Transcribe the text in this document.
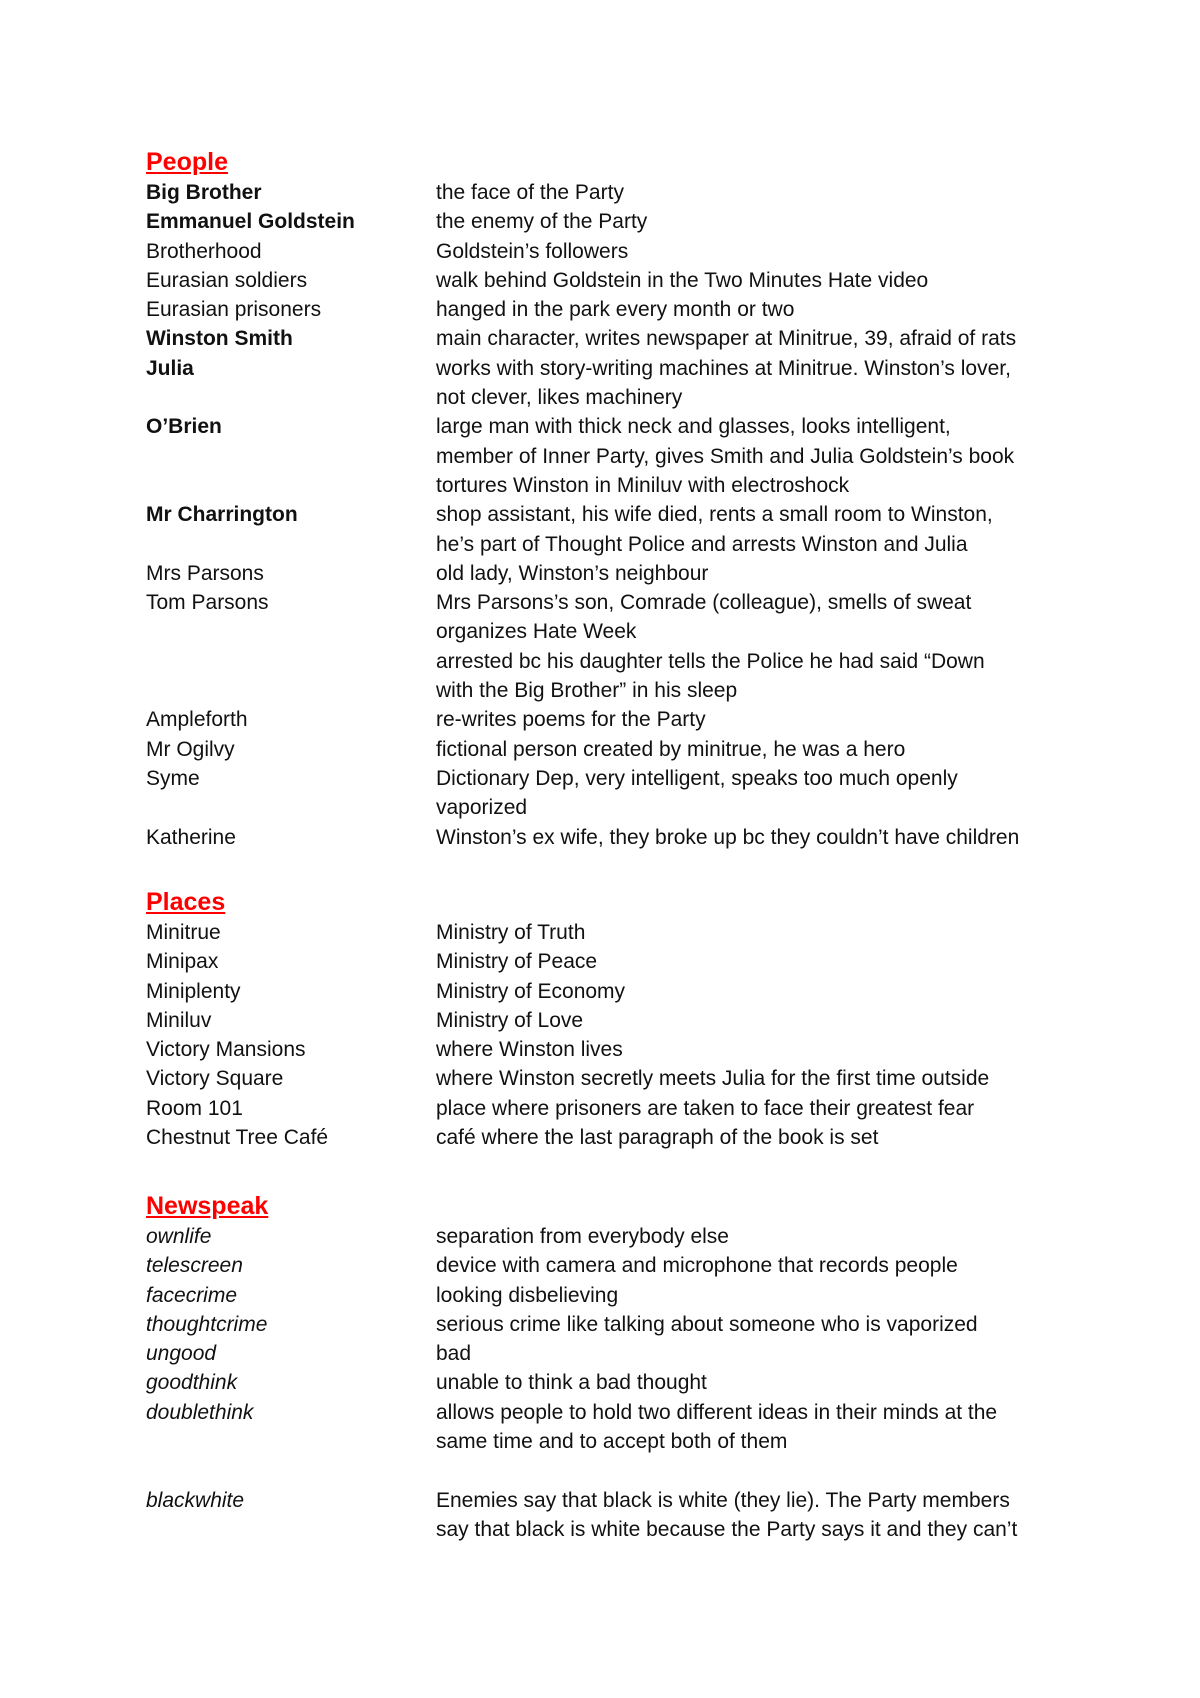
People
Big Brother	the face of the Party
Emmanuel Goldstein	the enemy of the Party
Brotherhood	Goldstein’s followers
Eurasian soldiers	walk behind Goldstein in the Two Minutes Hate video
Eurasian prisoners	hanged in the park every month or two
Winston Smith	main character, writes newspaper at Minitrue, 39, afraid of rats
Julia	works with story-writing machines at Minitrue. Winston’s lover,
not clever, likes machinery
O’Brien	large man with thick neck and glasses, looks intelligent,
member of Inner Party, gives Smith and Julia Goldstein’s book
tortures Winston in Miniluv with electroshock
Mr Charrington	shop assistant, his wife died, rents a small room to Winston,
he’s part of Thought Police and arrests Winston and Julia
Mrs Parsons	old lady, Winston’s neighbour
Tom Parsons	Mrs Parsons’s son, Comrade (colleague), smells of sweat
organizes Hate Week
arrested bc his daughter tells the Police he had said “Down
with the Big Brother” in his sleep
Ampleforth	re-writes poems for the Party
Mr Ogilvy	fictional person created by minitrue, he was a hero
Syme	Dictionary Dep, very intelligent, speaks too much openly
vaporized
Katherine	Winston’s ex wife, they broke up bc they couldn’t have children
Places
Minitrue	Ministry of Truth
Minipax	Ministry of Peace
Miniplenty	Ministry of Economy
Miniluv	Ministry of Love
Victory Mansions	where Winston lives
Victory Square	where Winston secretly meets Julia for the first time outside
Room 101	place where prisoners are taken to face their greatest fear
Chestnut Tree Café	café where the last paragraph of the book is set
Newspeak
ownlife	separation from everybody else
telescreen	device with camera and microphone that records people
facecrime	looking disbelieving
thoughtcrime	serious crime like talking about someone who is vaporized
ungood	bad
goodthink	unable to think a bad thought
doublethink	allows people to hold two different ideas in their minds at the
same time and to accept both of them

blackwhite	Enemies say that black is white (they lie). The Party members
say that black is white because the Party says it and they can’t
